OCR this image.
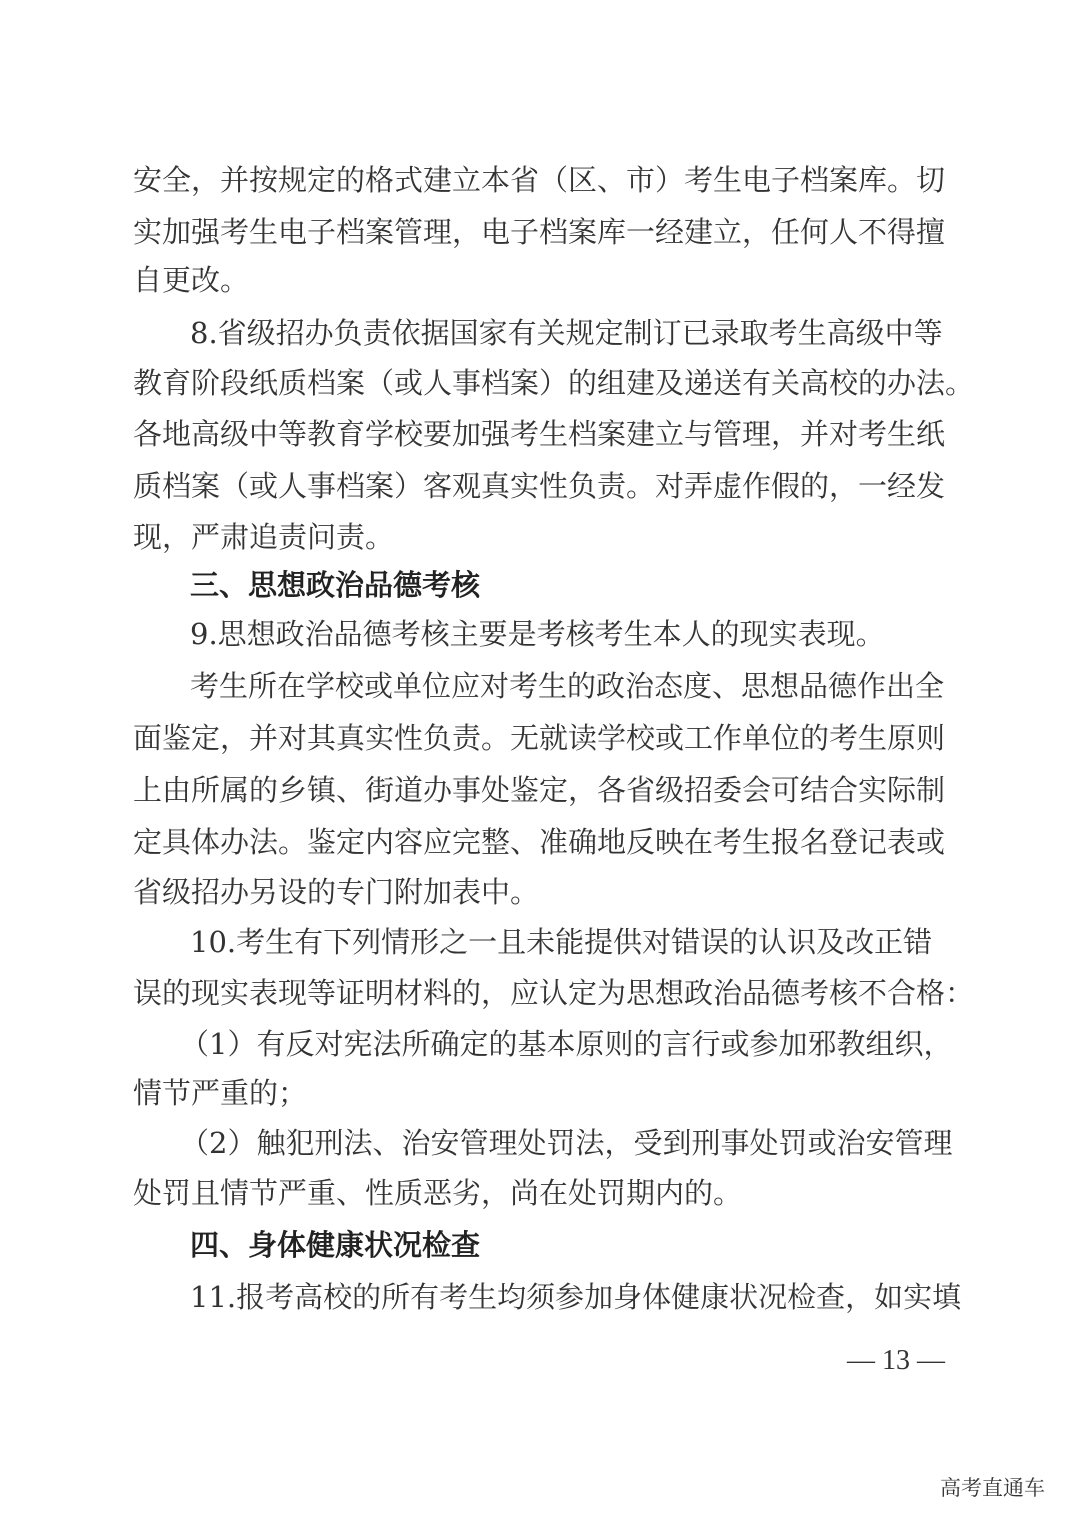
安全，并按规定的格式建立本省（区、市）考生电子档案库。切
实加强考生电子档案管理，电子档案库一经建立，任何人不得擅
自更改。
8.省级招办负责依据国家有关规定制订已录取考生高级中等
教育阶段纸质档案（或人事档案）的组建及递送有关高校的办法。
各地高级中等教育学校要加强考生档案建立与管理，并对考生纸
质档案（或人事档案）客观真实性负责。对弄虚作假的，一经发
现，严肃追责问责。
三、思想政治品德考核
9.思想政治品德考核主要是考核考生本人的现实表现。
考生所在学校或单位应对考生的政治态度、思想品德作出全
面鉴定，并对其真实性负责。无就读学校或工作单位的考生原则
上由所属的乡镇、街道办事处鉴定，各省级招委会可结合实际制
定具体办法。鉴定内容应完整、准确地反映在考生报名登记表或
省级招办另设的专门附加表中。
10.考生有下列情形之一且未能提供对错误的认识及改正错
误的现实表现等证明材料的，应认定为思想政治品德考核不合格：
（1）有反对宪法所确定的基本原则的言行或参加邪教组织，
情节严重的；
（2）触犯刑法、治安管理处罚法，受到刑事处罚或治安管理
处罚且情节严重、性质恶劣，尚在处罚期内的。
四、身体健康状况检查
11.报考高校的所有考生均须参加身体健康状况检查，如实填
— 13 —
高考直通车
